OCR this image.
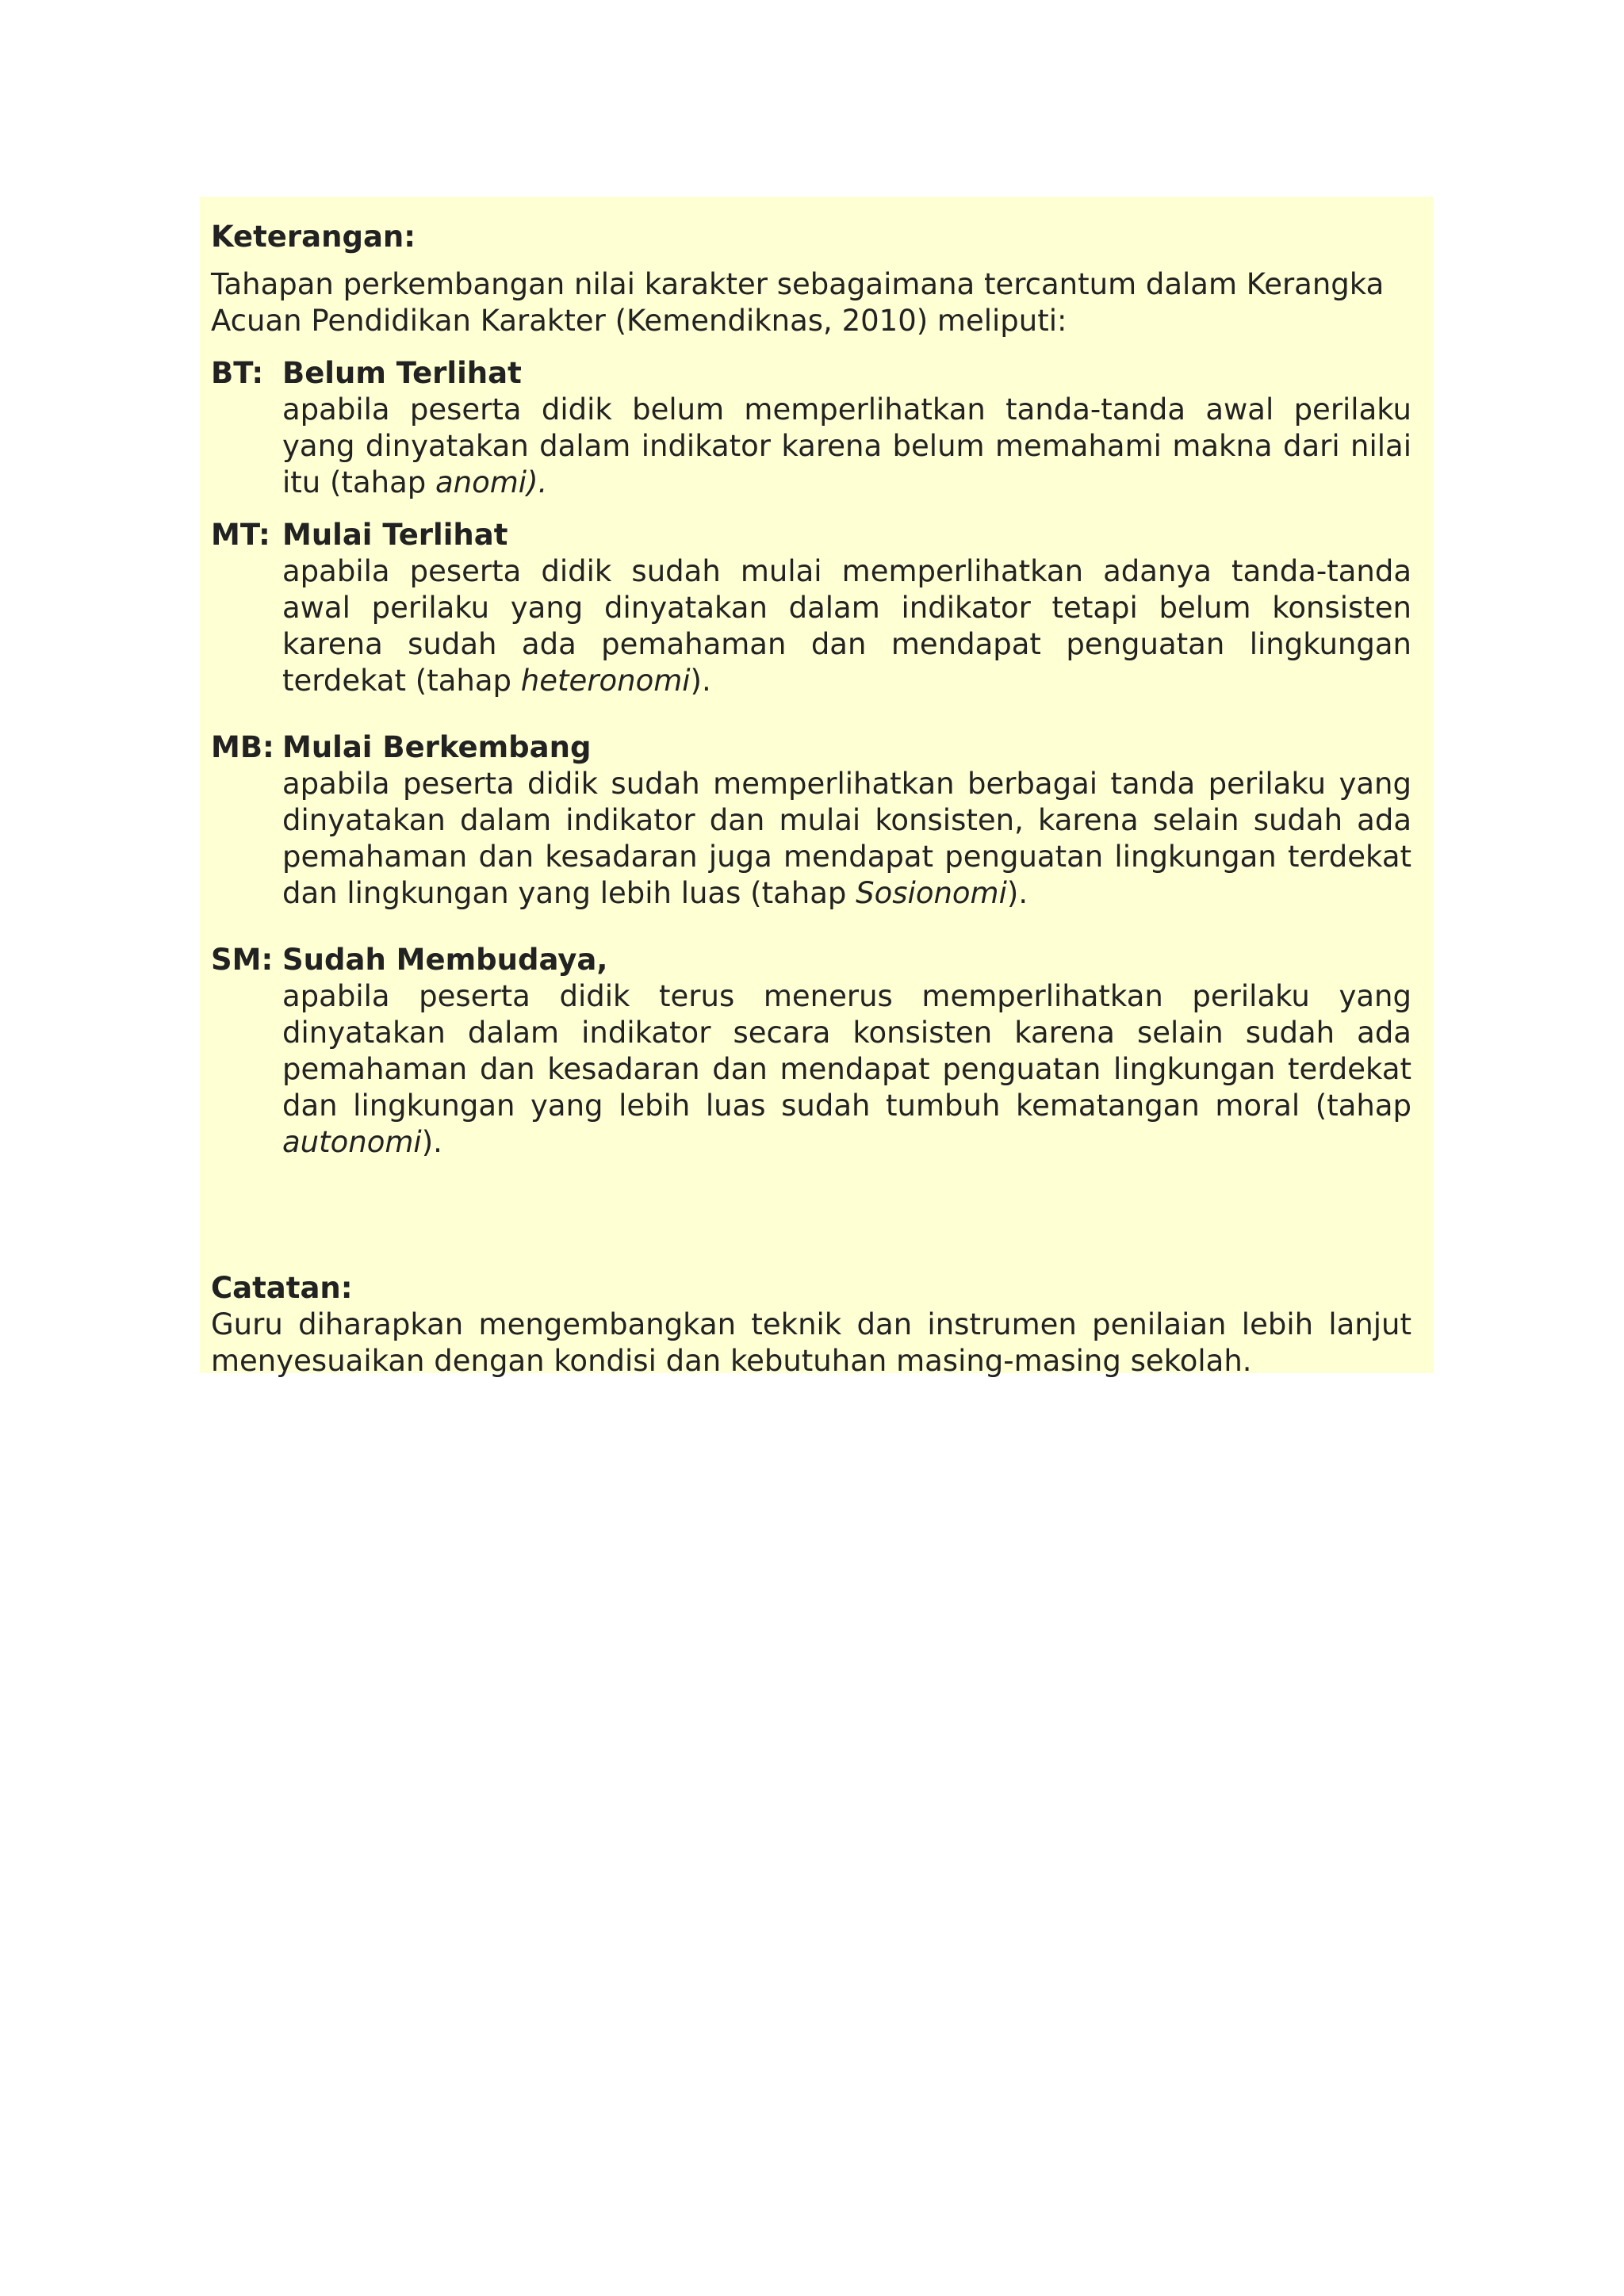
Keterangan:
Tahapan perkembangan nilai karakter sebagaimana tercantum dalam Kerangka Acuan Pendidikan Karakter (Kemendiknas, 2010) meliputi:
BT: Belum Terlihat
apabila peserta didik belum memperlihatkan tanda-tanda awal perilaku yang dinyatakan dalam indikator karena belum memahami makna dari nilai itu (tahap anomi).
MT: Mulai Terlihat
apabila peserta didik sudah mulai memperlihatkan adanya tanda-tanda awal perilaku yang dinyatakan dalam indikator tetapi belum konsisten karena sudah ada pemahaman dan mendapat penguatan lingkungan terdekat (tahap heteronomi).
MB: Mulai Berkembang
apabila peserta didik sudah memperlihatkan berbagai tanda perilaku yang dinyatakan dalam indikator dan mulai konsisten, karena selain sudah ada pemahaman dan kesadaran juga mendapat penguatan lingkungan terdekat dan lingkungan yang lebih luas (tahap Sosionomi).
SM: Sudah Membudaya,
apabila peserta didik terus menerus memperlihatkan perilaku yang dinyatakan dalam indikator secara konsisten karena selain sudah ada pemahaman dan kesadaran dan mendapat penguatan lingkungan terdekat dan lingkungan yang lebih luas sudah tumbuh kematangan moral (tahap autonomi).
Catatan:
Guru diharapkan mengembangkan teknik dan instrumen penilaian lebih lanjut menyesuaikan dengan kondisi dan kebutuhan masing-masing sekolah.
